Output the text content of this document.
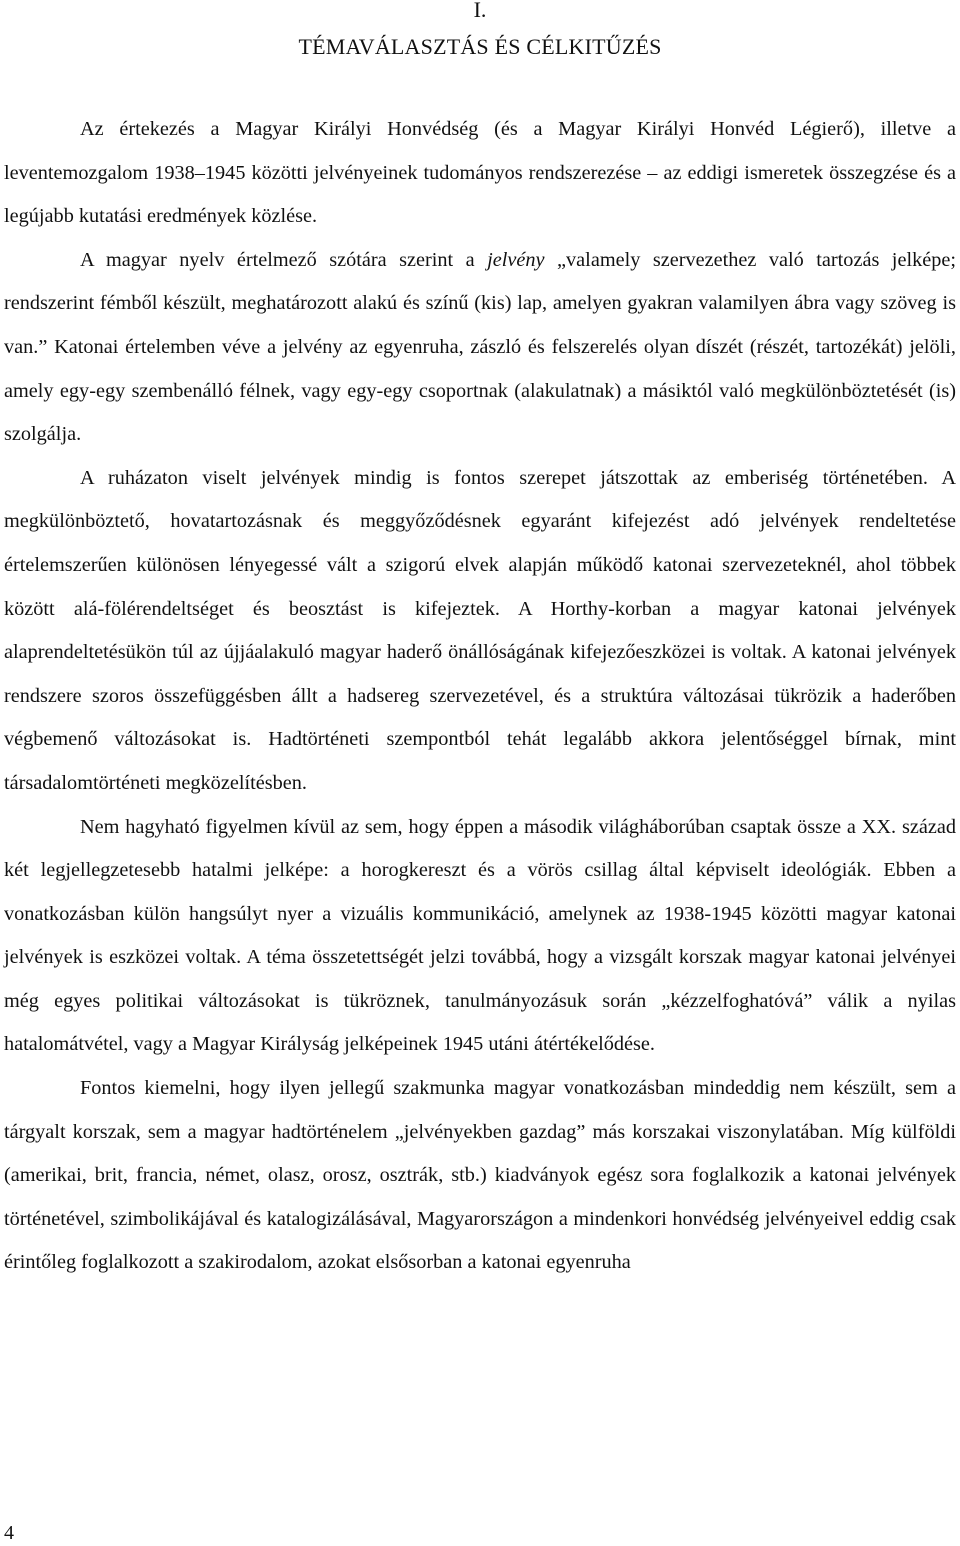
I.
TÉMAVÁLASZTÁS ÉS CÉLKITŰZÉS

Az értekezés a Magyar Királyi Honvédség (és a Magyar Királyi Honvéd Légierő), illetve a leventemozgalom 1938–1945 közötti jelvényeinek tudományos rendszerezése – az eddigi ismeretek összegzése és a legújabb kutatási eredmények közlése.

A magyar nyelv értelmező szótára szerint a jelvény „valamely szervezethez való tartozás jelképe; rendszerint fémből készült, meghatározott alakú és színű (kis) lap, amelyen gyakran valamilyen ábra vagy szöveg is van.” Katonai értelemben véve a jelvény az egyenruha, zászló és felszerelés olyan díszét (részét, tartozékát) jelöli, amely egy-egy szembenálló félnek, vagy egy-egy csoportnak (alakulatnak) a másiktól való megkülönböztetését (is) szolgálja.

A ruházaton viselt jelvények mindig is fontos szerepet játszottak az emberiség történetében. A megkülönböztető, hovatartozásnak és meggyőződésnek egyaránt kifejezést adó jelvények rendeltetése értelemszerűen különösen lényegessé vált a szigorú elvek alapján működő katonai szervezeteknél, ahol többek között alá-fölérendeltséget és beosztást is kifejeztek. A Horthy-korban a magyar katonai jelvények alaprendeltetésükön túl az újjáalakuló magyar haderő önállóságának kifejezőeszközei is voltak. A katonai jelvények rendszere szoros összefüggésben állt a hadsereg szervezetével, és a struktúra változásai tükrözik a haderőben végbemenő változásokat is. Hadtörténeti szempontból tehát legalább akkora jelentőséggel bírnak, mint társadalomtörténeti megközelítésben.

Nem hagyható figyelmen kívül az sem, hogy éppen a második világháborúban csaptak össze a XX. század két legjellegzetesebb hatalmi jelképe: a horogkereszt és a vörös csillag által képviselt ideológiák. Ebben a vonatkozásban külön hangsúlyt nyer a vizuális kommunikáció, amelynek az 1938-1945 közötti magyar katonai jelvények is eszközei voltak. A téma összetettségét jelzi továbbá, hogy a vizsgált korszak magyar katonai jelvényei még egyes politikai változásokat is tükröznek, tanulmányozásuk során „kézzelfoghatóvá” válik a nyilas hatalomátvétel, vagy a Magyar Királyság jelképeinek 1945 utáni átértékelődése.

Fontos kiemelni, hogy ilyen jellegű szakmunka magyar vonatkozásban mindeddig nem készült, sem a tárgyalt korszak, sem a magyar hadtörténelem „jelvényekben gazdag” más korszakai viszonylatában. Míg külföldi (amerikai, brit, francia, német, olasz, orosz, osztrák, stb.) kiadványok egész sora foglalkozik a katonai jelvények történetével, szimbolikájával és katalogizálásával, Magyarországon a mindenkori honvédség jelvényeivel eddig csak érintőleg foglalkozott a szakirodalom, azokat elsősorban a katonai egyenruha

4
